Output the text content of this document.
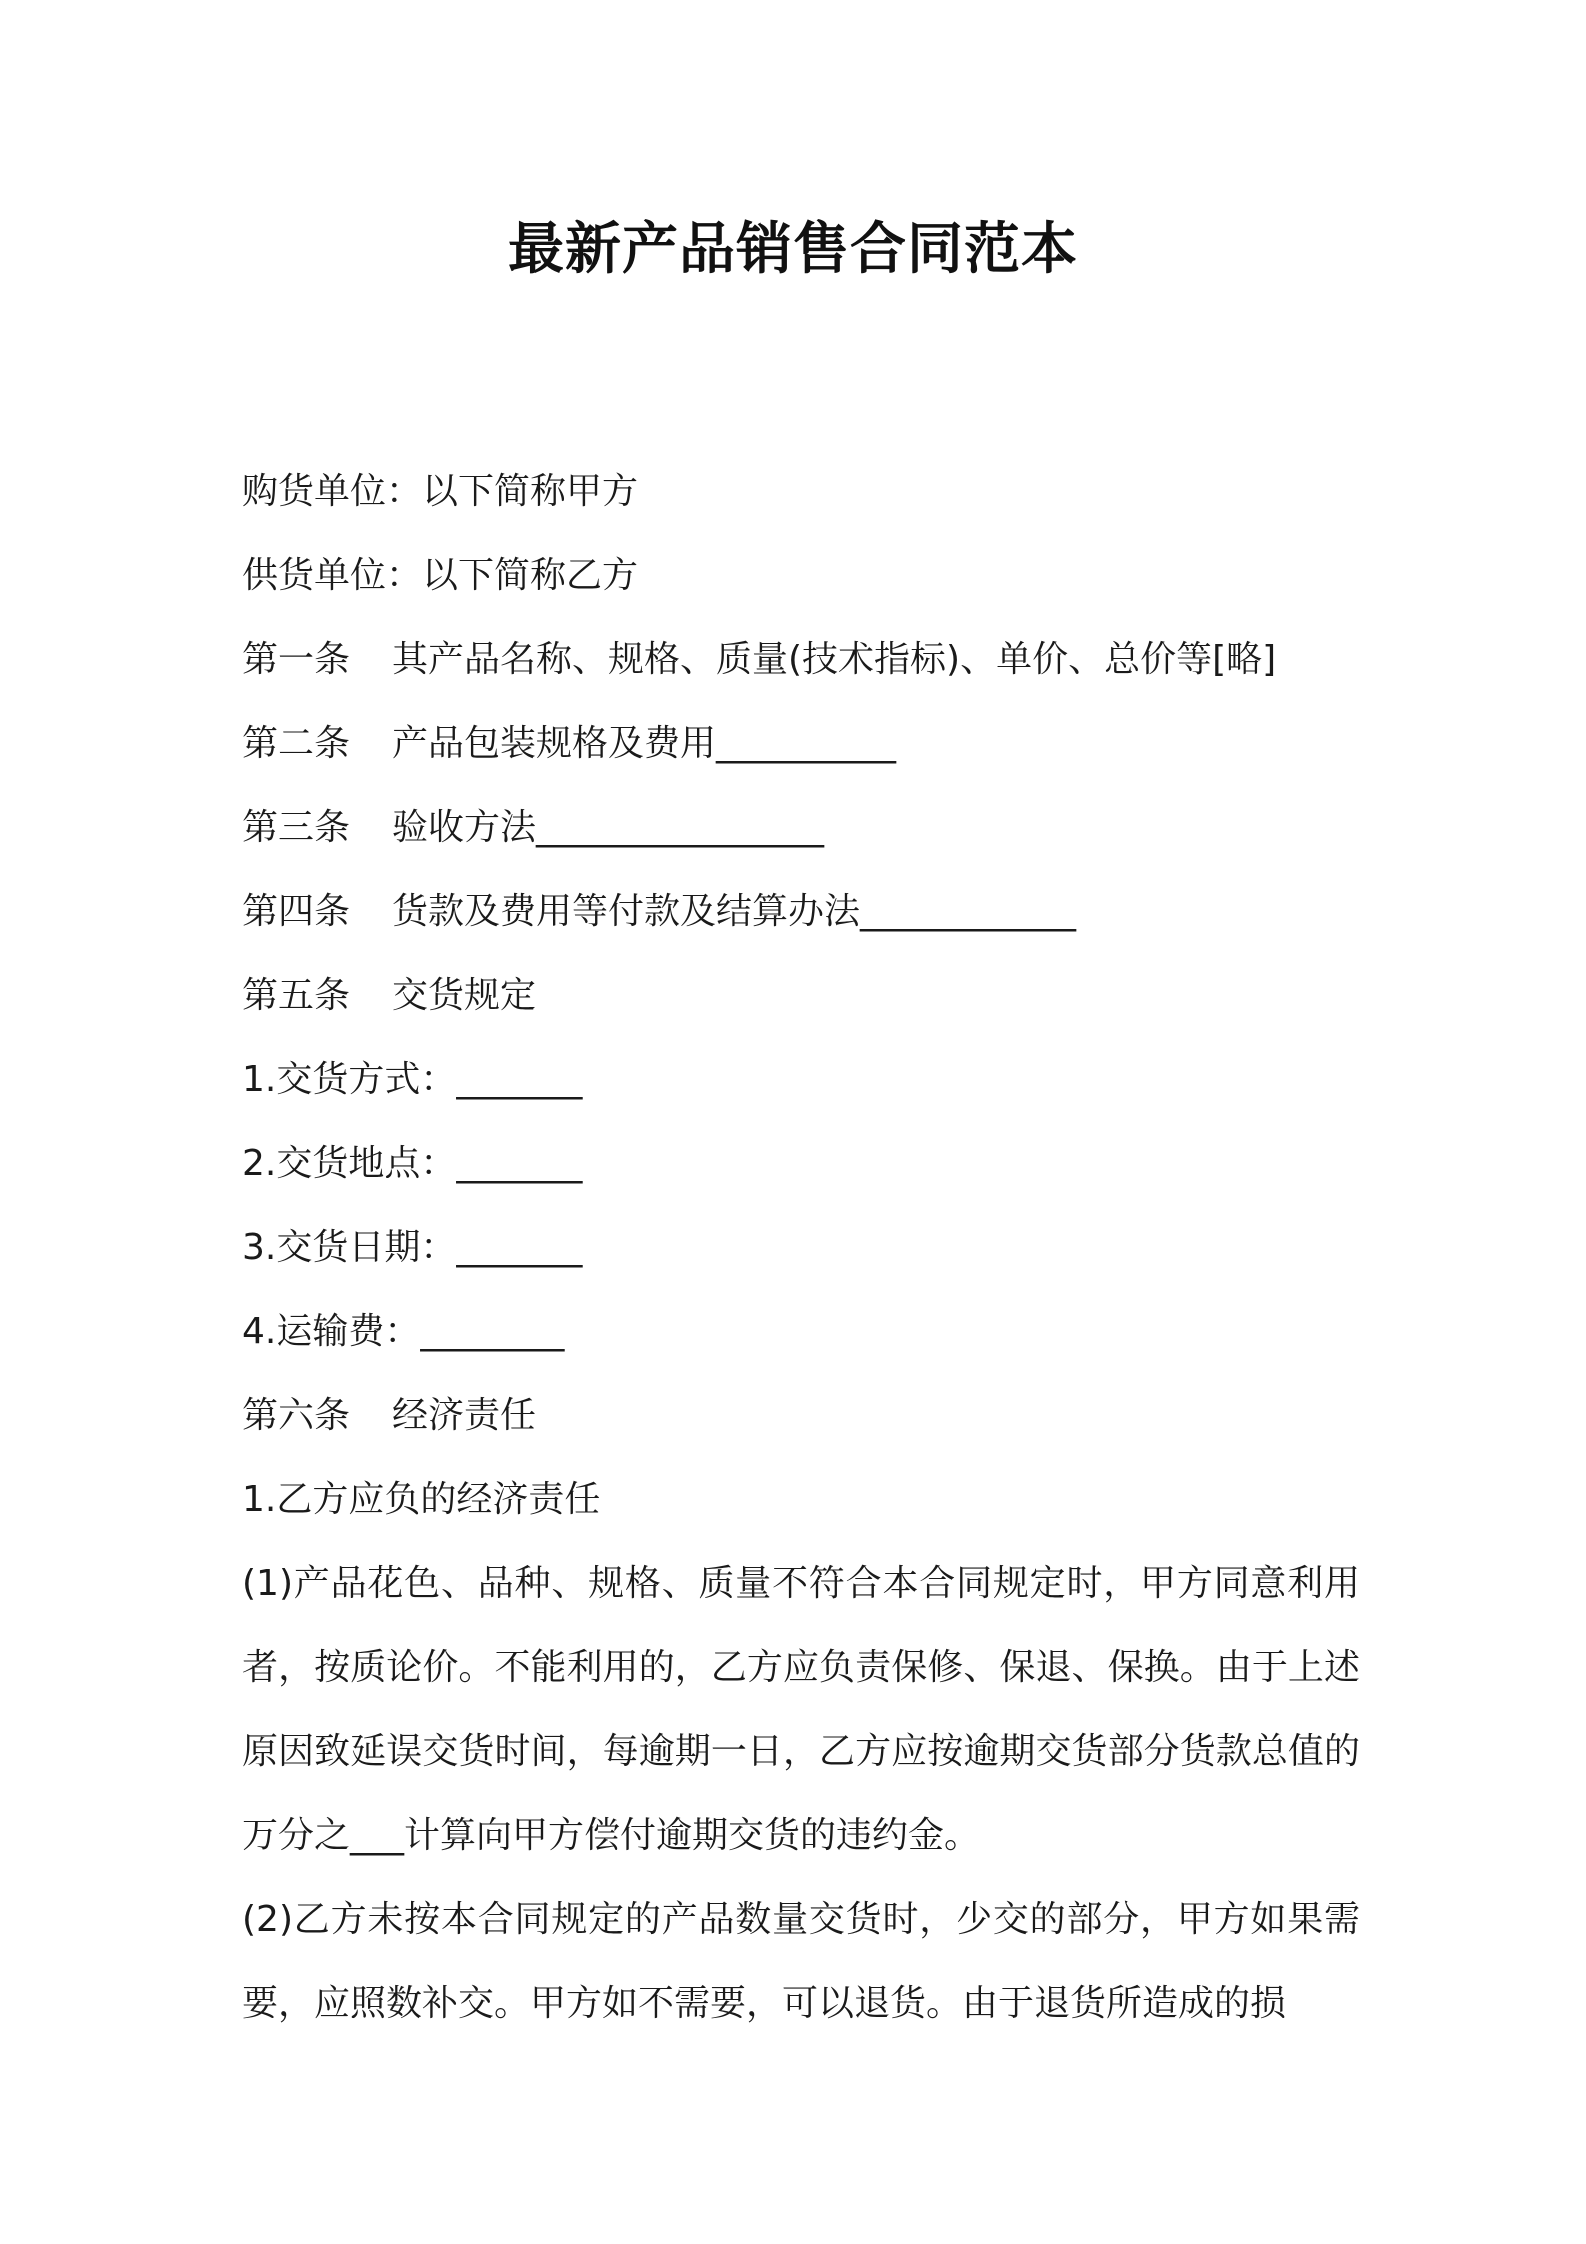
最新产品销售合同范本
购货单位：以下简称甲方
供货单位：以下简称乙方
第一条 其产品名称、规格、质量(技术指标)、单价、总价等[略]
第二条 产品包装规格及费用__________
第三条 验收方法________________
第四条 货款及费用等付款及结算办法____________
第五条 交货规定
1.交货方式：_______
2.交货地点：_______
3.交货日期：_______
4.运输费：________
第六条 经济责任
1.乙方应负的经济责任
(1)产品花色、品种、规格、质量不符合本合同规定时，甲方同意利用者，按质论价。不能利用的，乙方应负责保修、保退、保换。由于上述原因致延误交货时间，每逾期一日，乙方应按逾期交货部分货款总值的万分之___计算向甲方偿付逾期交货的违约金。
(2)乙方未按本合同规定的产品数量交货时，少交的部分，甲方如果需要，应照数补交。甲方如不需要，可以退货。由于退货所造成的损
